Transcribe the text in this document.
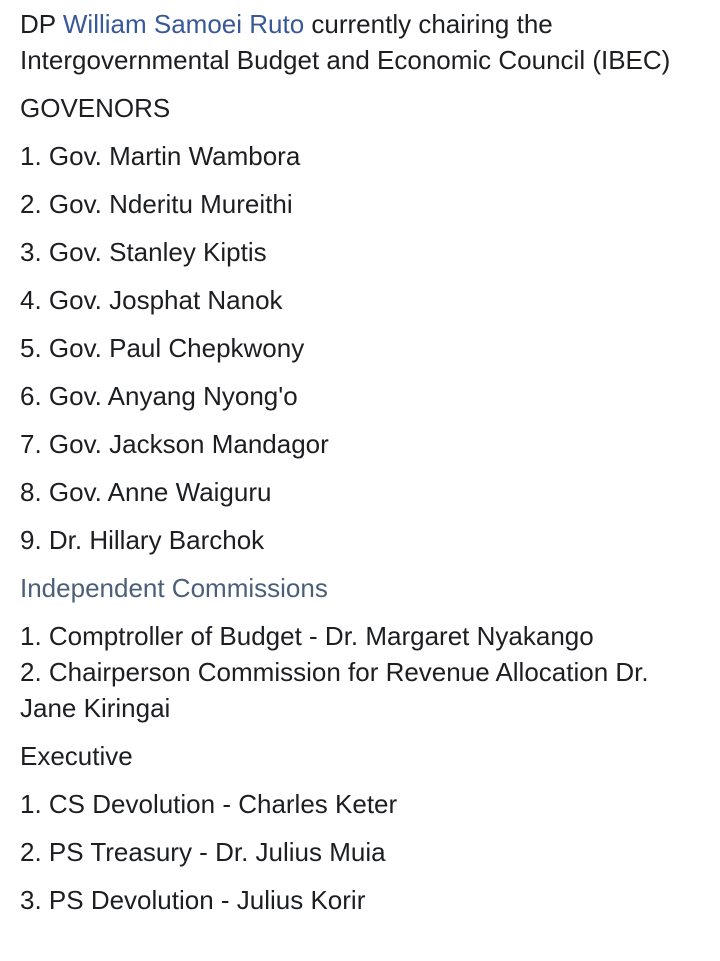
DP William Samoei Ruto currently chairing the Intergovernmental Budget and Economic Council (IBEC)

GOVENORS

1. Gov. Martin Wambora

2. Gov. Nderitu Mureithi

3. Gov. Stanley Kiptis

4. Gov. Josphat Nanok

5. Gov. Paul Chepkwony

6. Gov. Anyang Nyong'o

7. Gov. Jackson Mandagor

8. Gov. Anne Waiguru

9. Dr. Hillary Barchok

Independent Commissions

1. Comptroller of Budget - Dr. Margaret Nyakango

2. Chairperson Commission for Revenue Allocation Dr. Jane Kiringai

Executive

1. CS Devolution - Charles Keter

2. PS Treasury - Dr. Julius Muia

3. PS Devolution - Julius Korir
